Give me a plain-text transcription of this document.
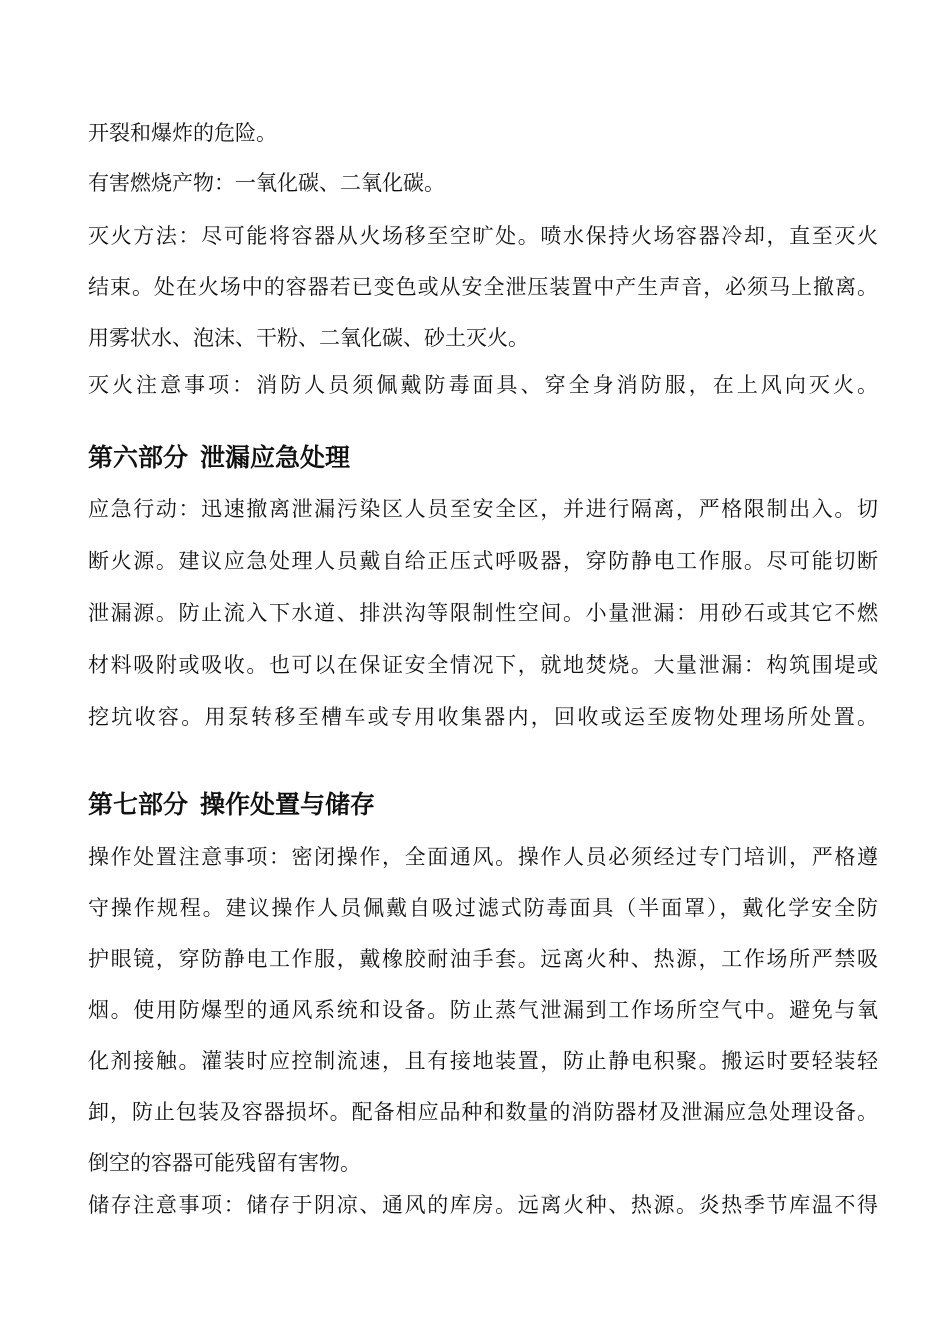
开裂和爆炸的危险。

有害燃烧产物：一氧化碳、二氧化碳。

灭火方法：尽可能将容器从火场移至空旷处。喷水保持火场容器冷却，直至灭火
结束。处在火场中的容器若已变色或从安全泄压装置中产生声音，必须马上撤离。
用雾状水、泡沫、干粉、二氧化碳、砂土灭火。

灭火注意事项：消防人员须佩戴防毒面具、穿全身消防服，在上风向灭火。

第六部分 泄漏应急处理

应急行动：迅速撤离泄漏污染区人员至安全区，并进行隔离，严格限制出入。切
断火源。建议应急处理人员戴自给正压式呼吸器，穿防静电工作服。尽可能切断
泄漏源。防止流入下水道、排洪沟等限制性空间。小量泄漏：用砂石或其它不燃
材料吸附或吸收。也可以在保证安全情况下，就地焚烧。大量泄漏：构筑围堤或
挖坑收容。用泵转移至槽车或专用收集器内，回收或运至废物处理场所处置。

第七部分 操作处置与储存

操作处置注意事项：密闭操作，全面通风。操作人员必须经过专门培训，严格遵
守操作规程。建议操作人员佩戴自吸过滤式防毒面具（半面罩），戴化学安全防
护眼镜，穿防静电工作服，戴橡胶耐油手套。远离火种、热源，工作场所严禁吸
烟。使用防爆型的通风系统和设备。防止蒸气泄漏到工作场所空气中。避免与氧
化剂接触。灌装时应控制流速，且有接地装置，防止静电积聚。搬运时要轻装轻
卸，防止包装及容器损坏。配备相应品种和数量的消防器材及泄漏应急处理设备。
倒空的容器可能残留有害物。

储存注意事项：储存于阴凉、通风的库房。远离火种、热源。炎热季节库温不得
